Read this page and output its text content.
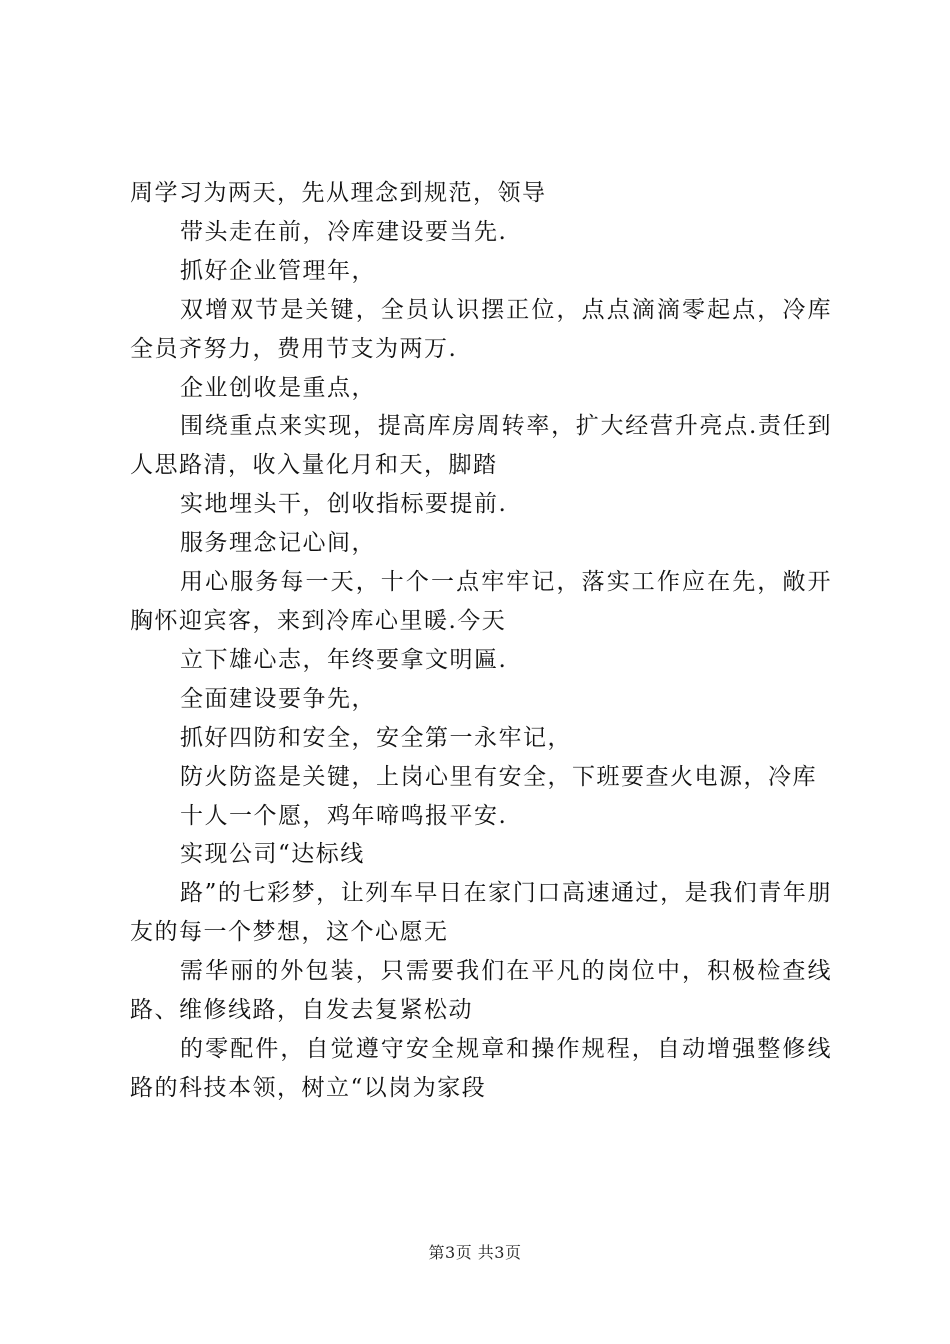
周学习为两天，先从理念到规范，领导

带头走在前，冷库建设要当先.

抓好企业管理年，

双增双节是关键，全员认识摆正位，点点滴滴零起点，冷库全员齐努力，费用节支为两万.

企业创收是重点，

围绕重点来实现，提高库房周转率，扩大经营升亮点.责任到人思路清，收入量化月和天，脚踏

实地埋头干，创收指标要提前.

服务理念记心间，

用心服务每一天，十个一点牢牢记，落实工作应在先，敞开胸怀迎宾客，来到冷库心里暖.今天

立下雄心志，年终要拿文明匾.

全面建设要争先，

抓好四防和安全，安全第一永牢记，

防火防盗是关键，上岗心里有安全，下班要查火电源，冷库

十人一个愿，鸡年啼鸣报平安.

实现公司“达标线

路”的七彩梦，让列车早日在家门口高速通过，是我们青年朋友的每一个梦想，这个心愿无

需华丽的外包装，只需要我们在平凡的岗位中，积极检查线路、维修线路，自发去复紧松动

的零配件，自觉遵守安全规章和操作规程，自动增强整修线路的科技本领，树立“以岗为家段

第3页 共3页
